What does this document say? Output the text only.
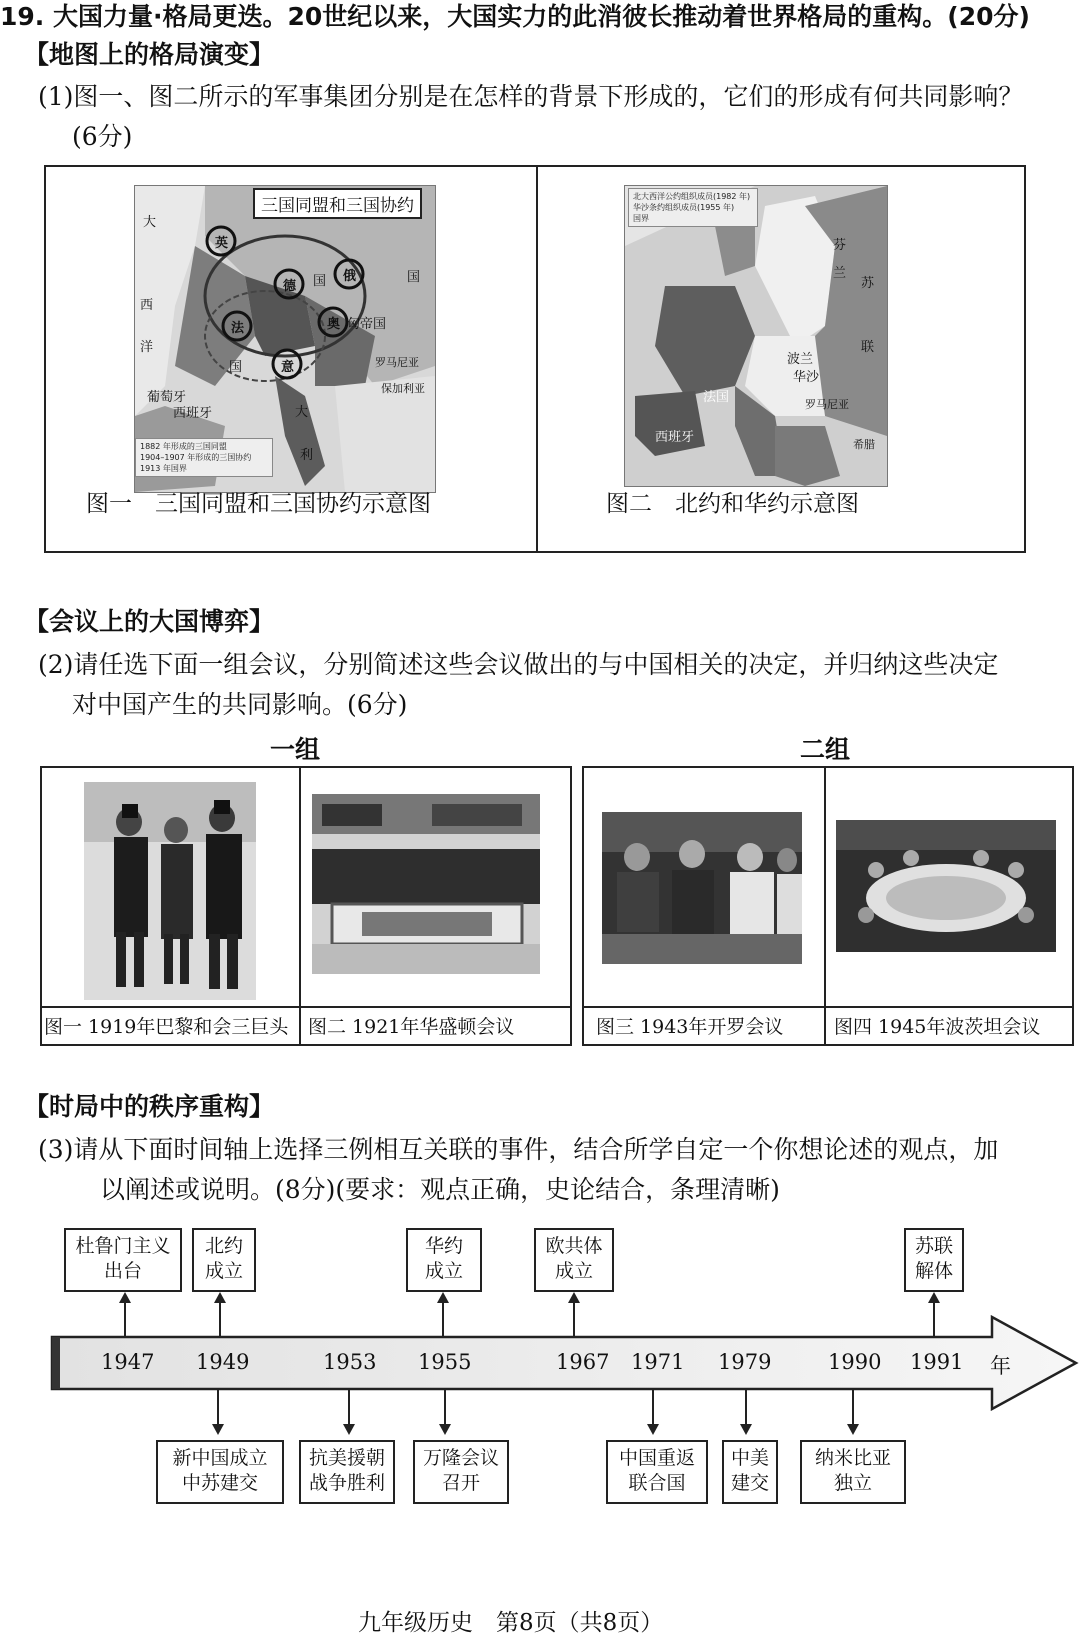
19. 大国力量·格局更迭。20世纪以来，大国实力的此消彼长推动着世界格局的重构。(20分)
【地图上的格局演变】
(1)图一、图二所示的军事集团分别是在怎样的背景下形成的，它们的形成有何共同影响？
(6分)
三国同盟和三国协约
大
西
洋
英
德 国 俄	国
法
国
奥 匈帝国
意
大
利
葡萄牙
西班牙
罗马尼亚
保加利亚
1882 年形成的三国同盟
1904–1907 年形成的三国协约
1913 年国界
图一　三国同盟和三国协约示意图
北大西洋公约组织成员(1982 年)
华沙条约组织成员(1955 年)
国界
芬
兰
苏
联
波兰
华沙
法国
西班牙
罗马尼亚
希腊
图二　北约和华约示意图
【会议上的大国博弈】
(2)请任选下面一组会议，分别简述这些会议做出的与中国相关的决定，并归纳这些决定
对中国产生的共同影响。(6分)
一组	二组
图一 1919年巴黎和会三巨头 图二 1921年华盛顿会议	图三 1943年开罗会议	图四 1945年波茨坦会议
【时局中的秩序重构】
(3)请从下面时间轴上选择三例相互关联的事件，结合所学自定一个你想论述的观点，加
以阐述或说明。(8分)(要求：观点正确，史论结合，条理清晰)
1947 1949	1953 1955	1967 1971 1979	1990 1991 年
杜鲁门主义
出台
北约
成立
华约
成立
欧共体
成立
苏联
解体
新中国成立
中苏建交
抗美援朝
战争胜利
万隆会议
召开
中国重返
联合国
中美
建交
纳米比亚
独立
九年级历史　第8页（共8页）
